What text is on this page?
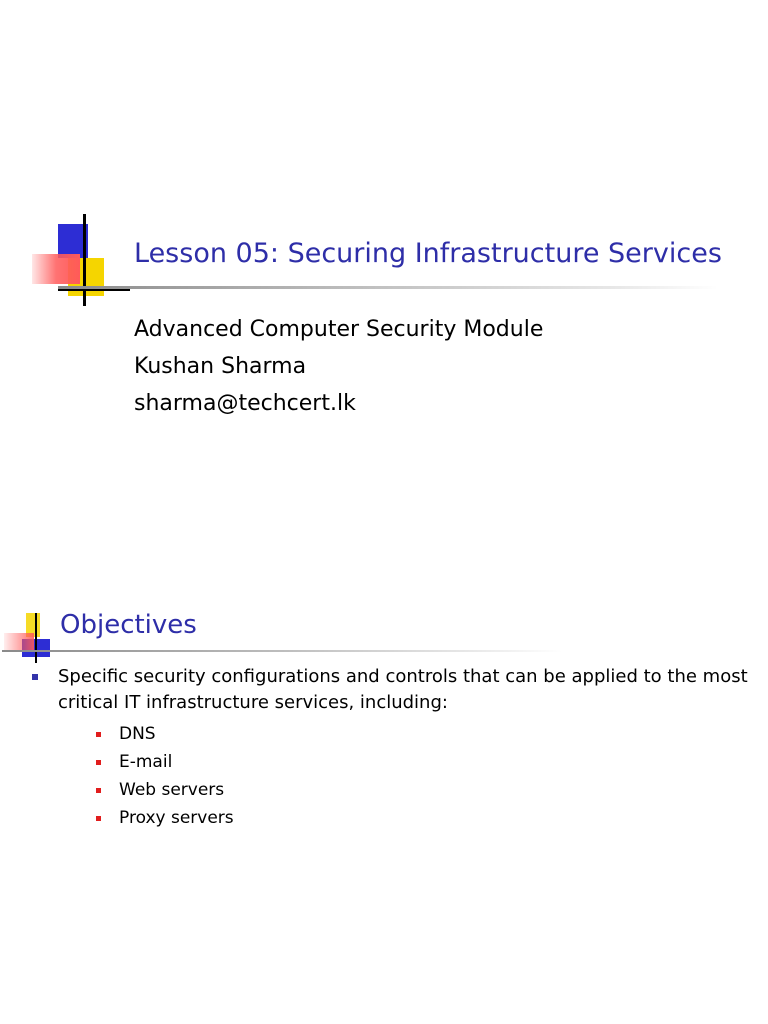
Lesson 05: Securing Infrastructure Services
Advanced Computer Security Module
Kushan Sharma
sharma@techcert.lk
Objectives
Specific security configurations and controls that can be applied to the most critical IT infrastructure services, including:
DNS
E-mail
Web servers
Proxy servers
